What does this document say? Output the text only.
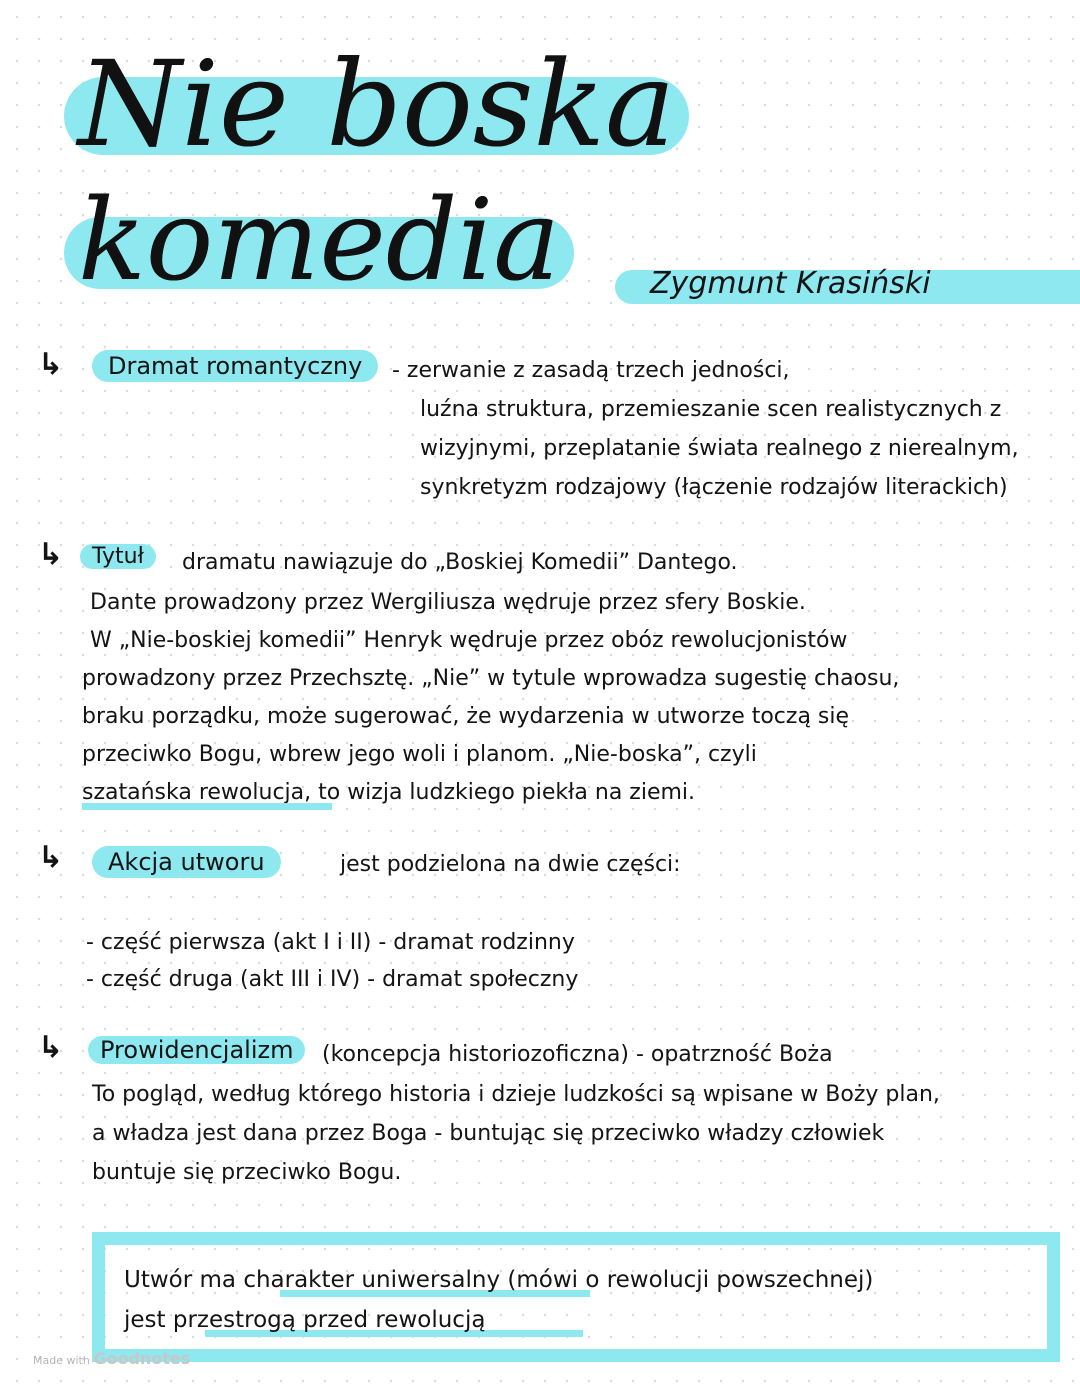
Nie boska
komedia	Zygmunt Krasiński
↳	Dramat romantyczny	- zerwanie z zasadą trzech jedności,
luźna struktura, przemieszanie scen realistycznych z
wizyjnymi, przeplatanie świata realnego z nierealnym,
synkretyzm rodzajowy (łączenie rodzajów literackich)
↳	Tytuł	dramatu nawiązuje do „Boskiej Komedii” Dantego.
Dante prowadzony przez Wergiliusza wędruje przez sfery Boskie.
W „Nie-boskiej komedii” Henryk wędruje przez obóz rewolucjonistów
prowadzony przez Przechsztę. „Nie” w tytule wprowadza sugestię chaosu,
braku porządku, może sugerować, że wydarzenia w utworze toczą się
przeciwko Bogu, wbrew jego woli i planom. „Nie-boska”, czyli
szatańska rewolucja, to wizja ludzkiego piekła na ziemi.
↳	Akcja utworu	jest podzielona na dwie części:
- część pierwsza (akt I i II) - dramat rodzinny
- część druga (akt III i IV) - dramat społeczny
↳	Prowidencjalizm	(koncepcja historiozoficzna) - opatrzność Boża
To pogląd, według którego historia i dzieje ludzkości są wpisane w Boży plan,
a władza jest dana przez Boga - buntując się przeciwko władzy człowiek
buntuje się przeciwko Bogu.
Utwór ma charakter uniwersalny (mówi o rewolucji powszechnej)
jest przestrogą przed rewolucją
Made with Goodnotes
